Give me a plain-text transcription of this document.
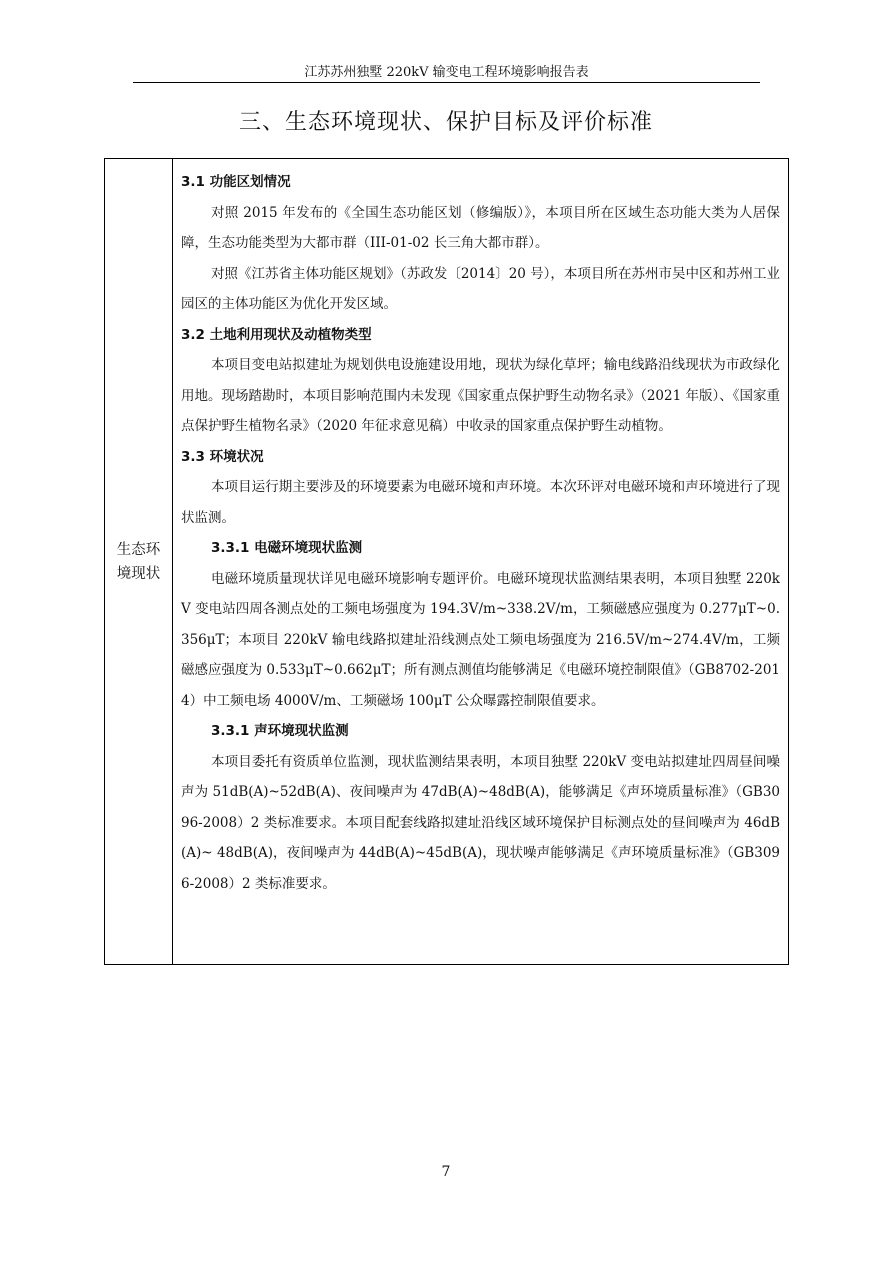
江苏苏州独墅 220kV 输变电工程环境影响报告表
三、生态环境现状、保护目标及评价标准
生态环境现状

3.1 功能区划情况

对照 2015 年发布的《全国生态功能区划（修编版）》，本项目所在区域生态功能大类为人居保障，生态功能类型为大都市群（III-01-02 长三角大都市群）。

对照《江苏省主体功能区规划》（苏政发〔2014〕20 号），本项目所在苏州市吴中区和苏州工业园区的主体功能区为优化开发区域。

3.2 土地利用现状及动植物类型

本项目变电站拟建址为规划供电设施建设用地，现状为绿化草坪；输电线路沿线现状为市政绿化用地。现场踏勘时，本项目影响范围内未发现《国家重点保护野生动物名录》（2021 年版）、《国家重点保护野生植物名录》（2020 年征求意见稿）中收录的国家重点保护野生动植物。

3.3 环境状况

本项目运行期主要涉及的环境要素为电磁环境和声环境。本次环评对电磁环境和声环境进行了现状监测。

3.3.1 电磁环境现状监测

电磁环境质量现状详见电磁环境影响专题评价。电磁环境现状监测结果表明，本项目独墅 220kV 变电站四周各测点处的工频电场强度为 194.3V/m~338.2V/m，工频磁感应强度为 0.277μT~0.356μT；本项目 220kV 输电线路拟建址沿线测点处工频电场强度为 216.5V/m~274.4V/m，工频磁感应强度为 0.533μT~0.662μT；所有测点测值均能够满足《电磁环境控制限值》（GB8702-2014）中工频电场 4000V/m、工频磁场 100μT 公众曝露控制限值要求。

3.3.1 声环境现状监测

本项目委托有资质单位监测，现状监测结果表明，本项目独墅 220kV 变电站拟建址四周昼间噪声为 51dB(A)~52dB(A)、夜间噪声为 47dB(A)~48dB(A)，能够满足《声环境质量标准》（GB3096-2008）2 类标准要求。本项目配套线路拟建址沿线区域环境保护目标测点处的昼间噪声为 46dB(A)~ 48dB(A)，夜间噪声为 44dB(A)~45dB(A)，现状噪声能够满足《声环境质量标准》（GB3096-2008）2 类标准要求。

7
